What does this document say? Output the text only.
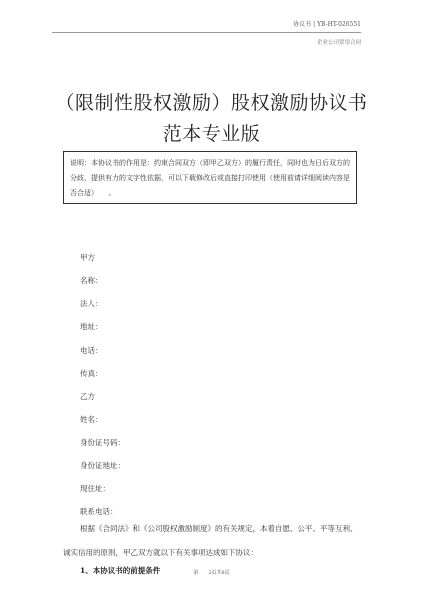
协议书 | YB-HT-026551
企业公司常用合同
（限制性股权激励）股权激励协议书
范本专业版
说明：本协议书的作用是：约束合同双方（即甲乙双方）的履行责任，同时也为日后双方的分歧，提供有力的文字性依据，可以下载修改后或直接打印使用（使用前请详细阅读内容是否合适）　　。
甲方
名称：
法人：
地址：
电话：
传真：
乙方
姓名：
身份证号码：
身份证地址：
现住址：
联系电话：
根据《合同法》和《公司股权激励制度》的有关规定，本着自愿、公平、平等互利、诚实信用的原则，甲乙双方就以下有关事项达成如下协议：
1、本协议书的前提条件	第 2页共8页
